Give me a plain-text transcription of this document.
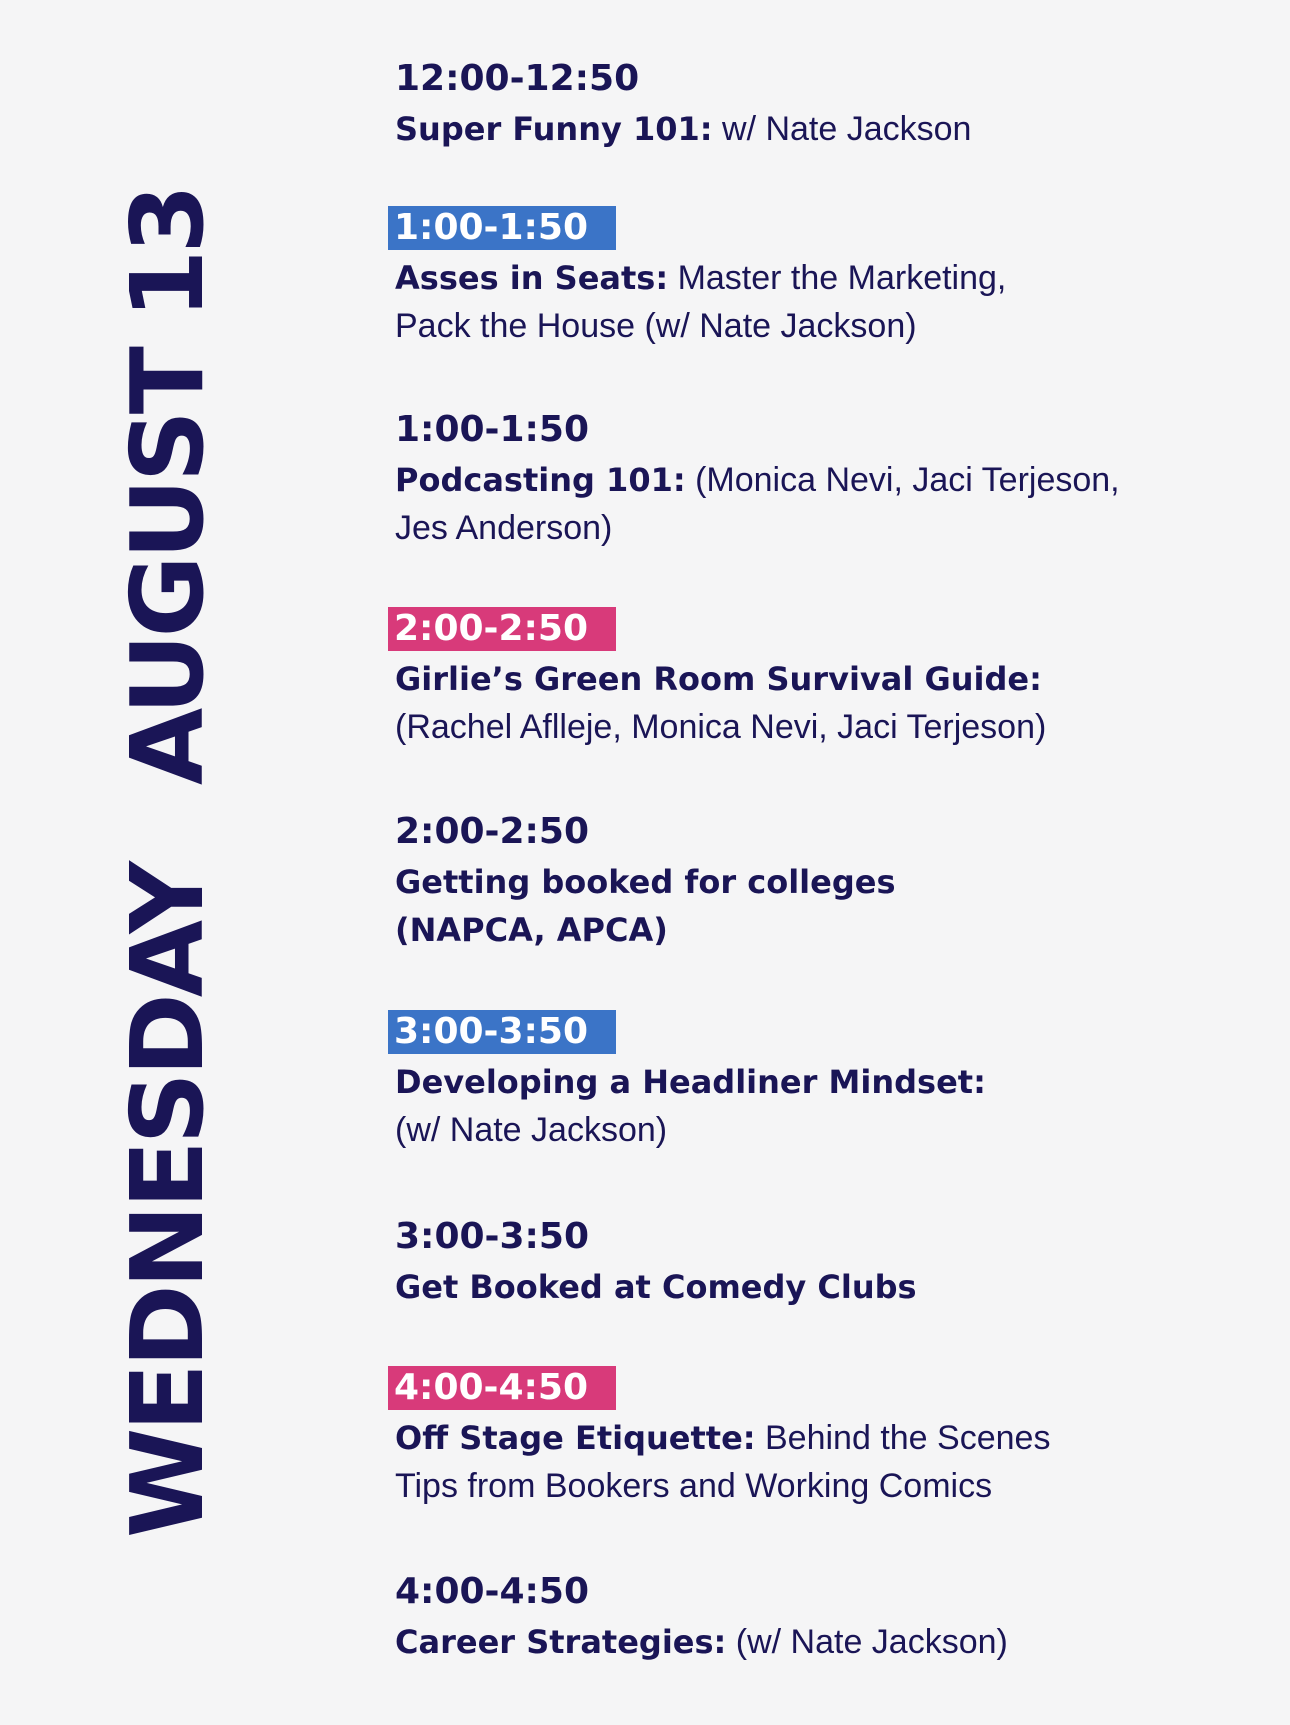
WEDNESDAYAUGUST 13
12:00-12:50
Super Funny 101: w/ Nate Jackson
1:00-1:50
Asses in Seats: Master the Marketing,
Pack the House (w/ Nate Jackson)
1:00-1:50
Podcasting 101: (Monica Nevi, Jaci Terjeson,
Jes Anderson)
2:00-2:50
Girlie’s Green Room Survival Guide:
(Rachel Aflleje, Monica Nevi, Jaci Terjeson)
2:00-2:50
Getting booked for colleges
(NAPCA, APCA)
3:00-3:50
Developing a Headliner Mindset:
(w/ Nate Jackson)
3:00-3:50
Get Booked at Comedy Clubs
4:00-4:50
Off Stage Etiquette: Behind the Scenes
Tips from Bookers and Working Comics
4:00-4:50
Career Strategies: (w/ Nate Jackson)
